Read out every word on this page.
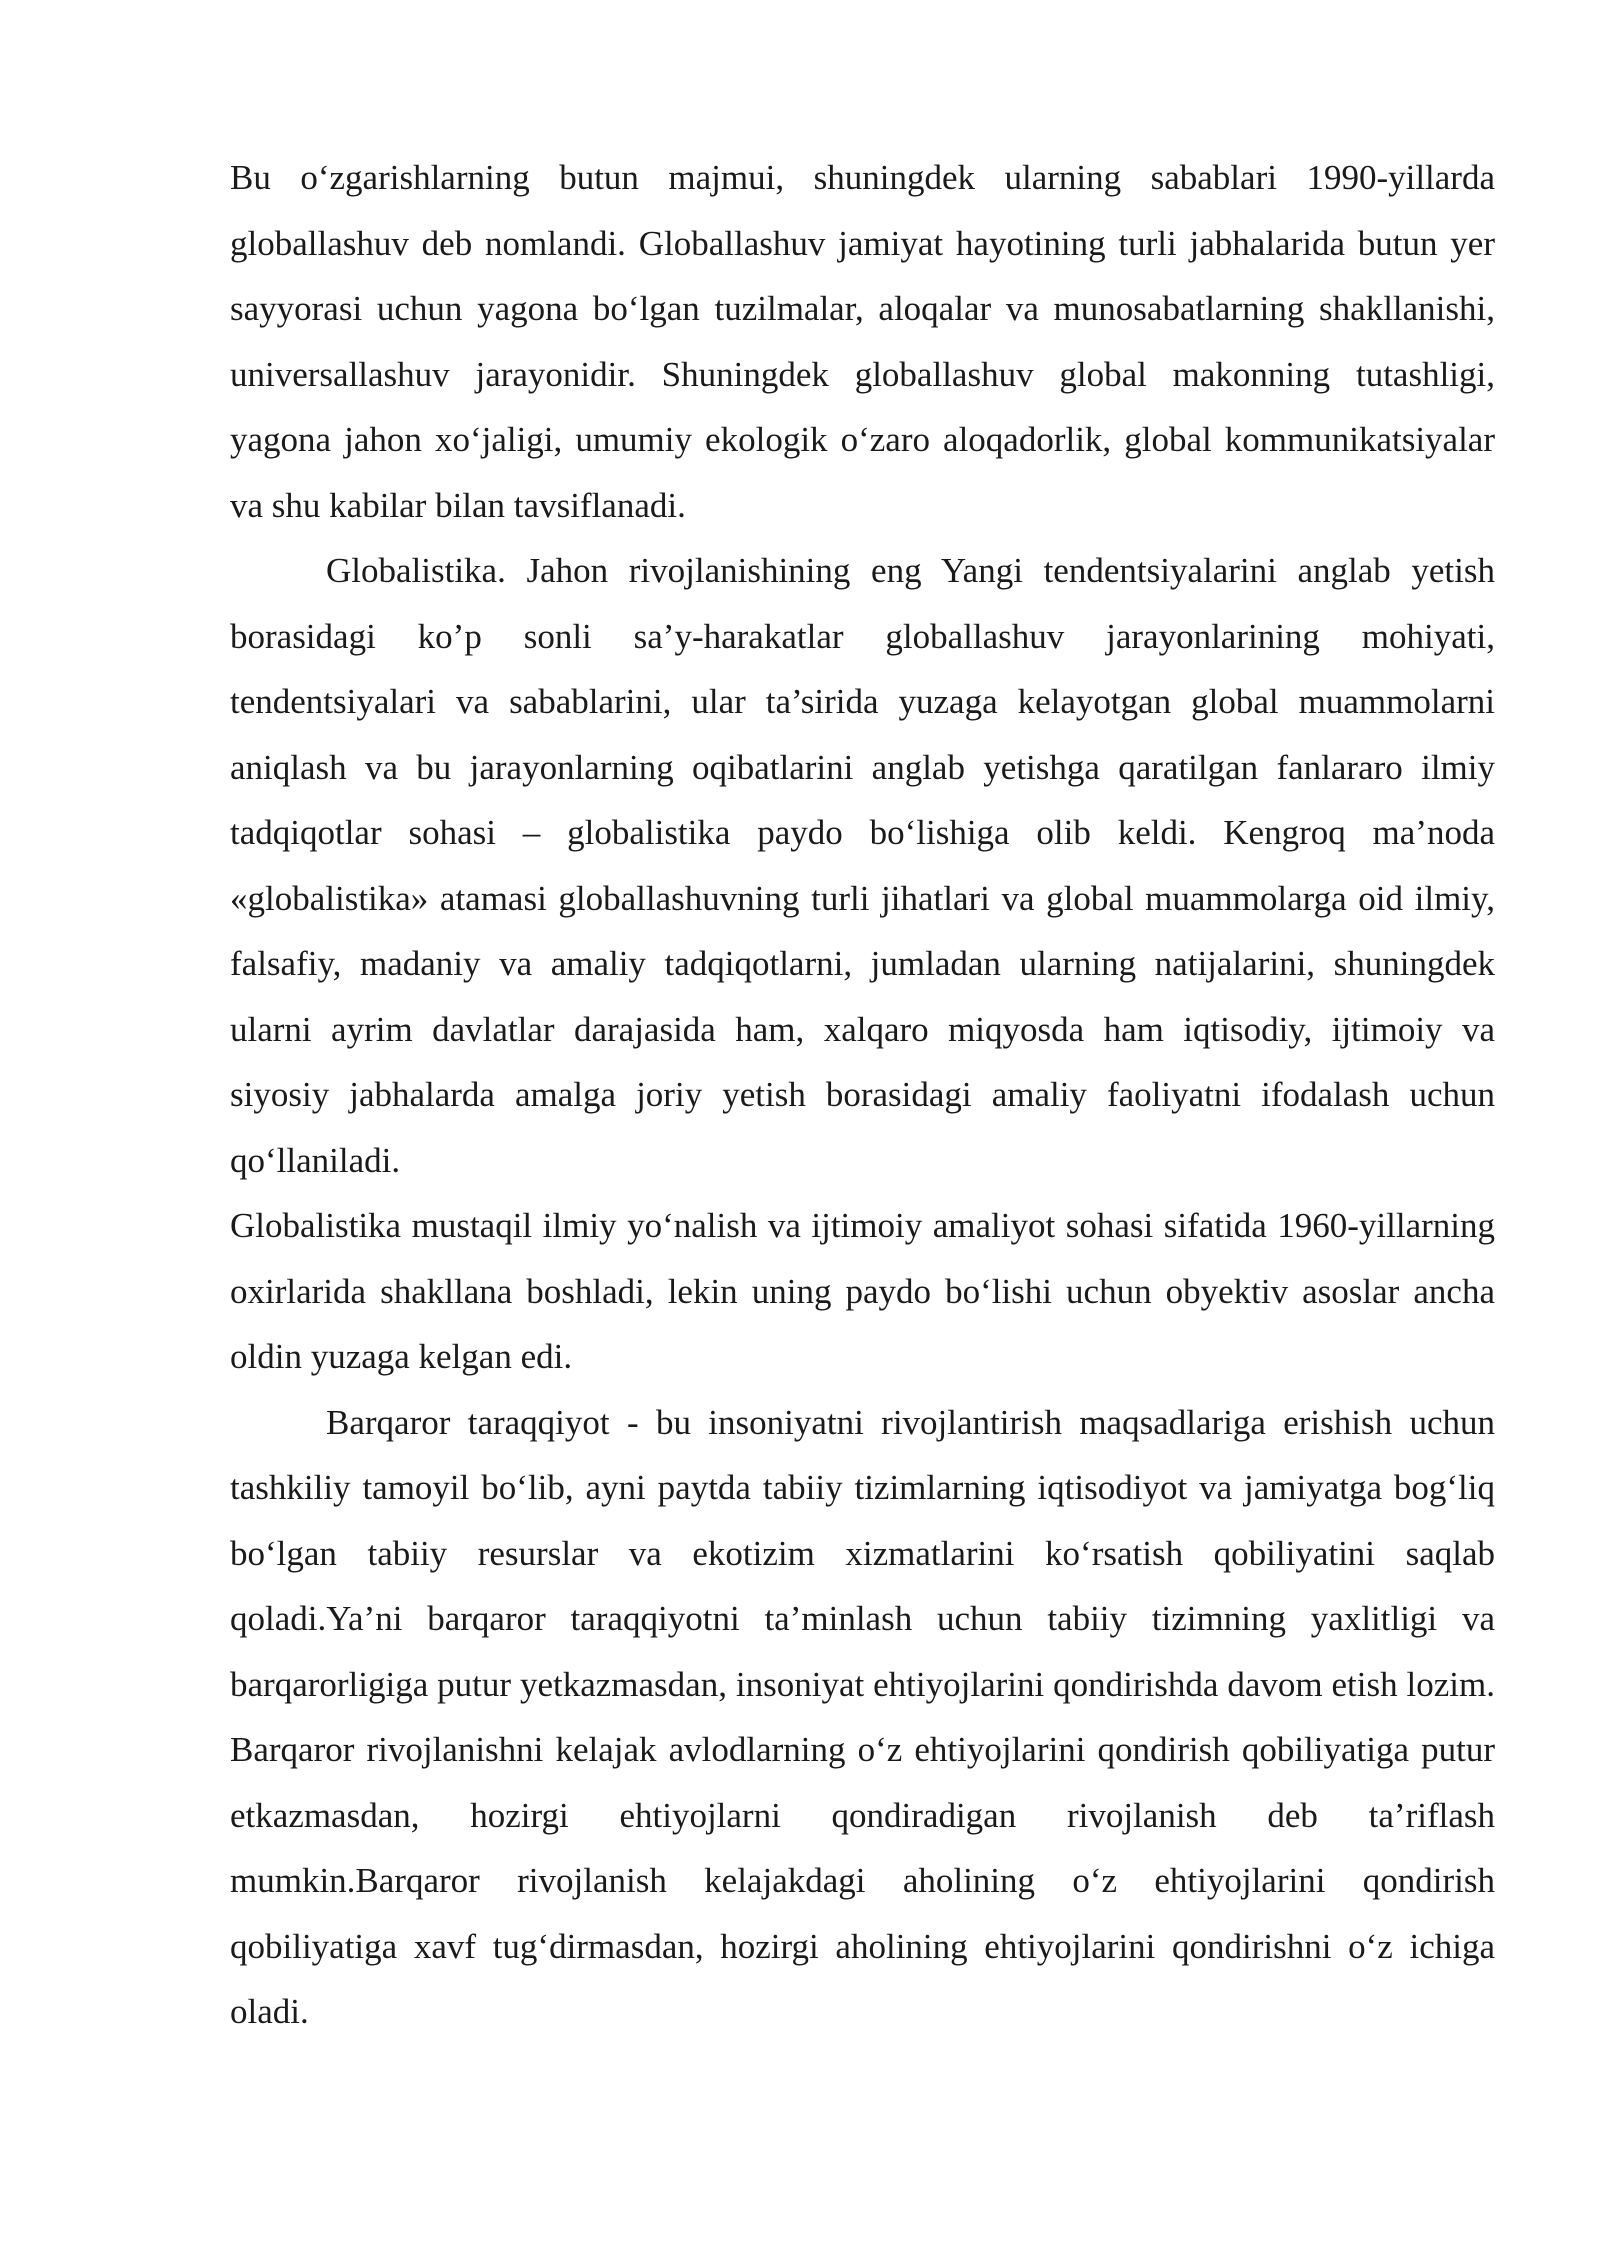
Bu o‘zgarishlarning butun majmui, shuningdek ularning sabablari 1990-yillarda globallashuv deb nomlandi. Globallashuv jamiyat hayotining turli jabhalarida butun yer sayyorasi uchun yagona bo‘lgan tuzilmalar, aloqalar va munosabatlarning shakllanishi, universallashuv jarayonidir. Shuningdek globallashuv global makonning tutashligi, yagona jahon xo‘jaligi, umumiy ekologik o‘zaro aloqadorlik, global kommunikatsiyalar va shu kabilar bilan tavsiflanadi.

Globalistika. Jahon rivojlanishining eng Yangi tendentsiyalarini anglab yetish borasidagi ko’p sonli sa’y-harakatlar globallashuv jarayonlarining mohiyati, tendentsiyalari va sabablarini, ular ta’sirida yuzaga kelayotgan global muammolarni aniqlash va bu jarayonlarning oqibatlarini anglab yetishga qaratilgan fanlararo ilmiy tadqiqotlar sohasi – globalistika paydo bo‘lishiga olib keldi. Kengroq ma’noda «globalistika» atamasi globallashuvning turli jihatlari va global muammolarga oid ilmiy, falsafiy, madaniy va amaliy tadqiqotlarni, jumladan ularning natijalarini, shuningdek ularni ayrim davlatlar darajasida ham, xalqaro miqyosda ham iqtisodiy, ijtimoiy va siyosiy jabhalarda amalga joriy yetish borasidagi amaliy faoliyatni ifodalash uchun qo‘llaniladi.

Globalistika mustaqil ilmiy yo‘nalish va ijtimoiy amaliyot sohasi sifatida 1960-yillarning oxirlarida shakllana boshladi, lekin uning paydo bo‘lishi uchun obyektiv asoslar ancha oldin yuzaga kelgan edi.

Barqaror taraqqiyot - bu insoniyatni rivojlantirish maqsadlariga erishish uchun tashkiliy tamoyil bo‘lib, ayni paytda tabiiy tizimlarning iqtisodiyot va jamiyatga bog‘liq bo‘lgan tabiiy resurslar va ekotizim xizmatlarini ko‘rsatish qobiliyatini saqlab qoladi.Ya’ni barqaror taraqqiyotni ta’minlash uchun tabiiy tizimning yaxlitligi va barqarorligiga putur yetkazmasdan, insoniyat ehtiyojlarini qondirishda davom etish lozim. Barqaror rivojlanishni kelajak avlodlarning o‘z ehtiyojlarini qondirish qobiliyatiga putur etkazmasdan, hozirgi ehtiyojlarni qondiradigan rivojlanish deb ta’riflash mumkin.Barqaror rivojlanish kelajakdagi aholining o‘z ehtiyojlarini qondirish qobiliyatiga xavf tug‘dirmasdan, hozirgi aholining ehtiyojlarini qondirishni o‘z ichiga oladi.
